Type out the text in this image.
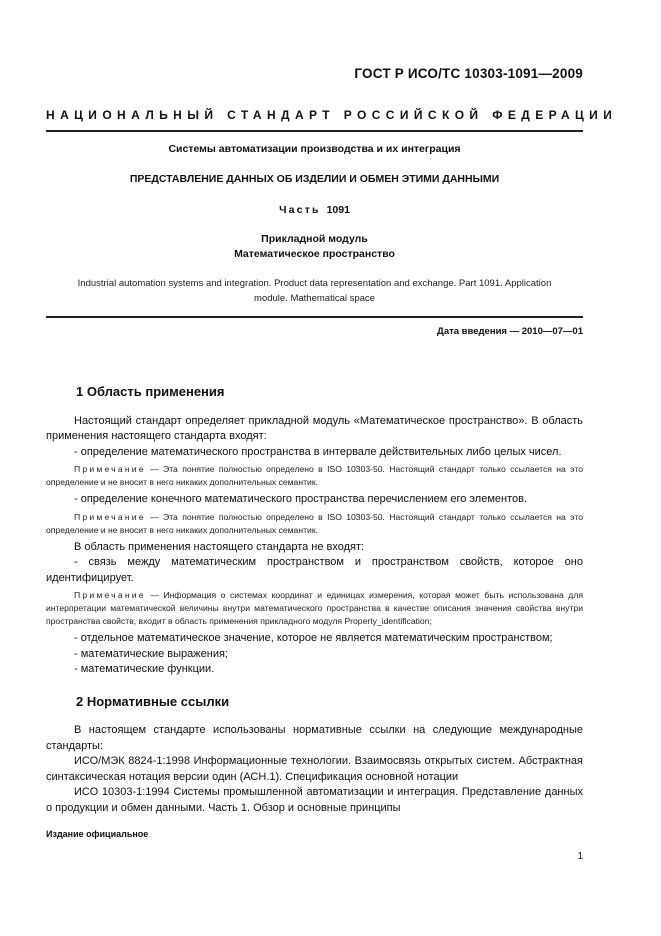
ГОСТ Р ИСО/ТС 10303-1091—2009
НАЦИОНАЛЬНЫЙ СТАНДАРТ РОССИЙСКОЙ ФЕДЕРАЦИИ
Системы автоматизации производства и их интеграция
ПРЕДСТАВЛЕНИЕ ДАННЫХ ОБ ИЗДЕЛИИ И ОБМЕН ЭТИМИ ДАННЫМИ
Часть 1091
Прикладной модуль
Математическое пространство
Industrial automation systems and integration. Product data representation and exchange. Part 1091. Application
module. Mathematical space
Дата введения — 2010—07—01
1 Область применения

Настоящий стандарт определяет прикладной модуль «Математическое пространство». В область применения настоящего стандарта входят:

- определение математического пространства в интервале действительных либо целых чисел.

Примечание — Эта понятие полностью определено в ISO 10303-50. Настоящий стандарт только ссылается на это определение и не вносит в него никаких дополнительных семантик.

- определение конечного математического пространства перечислением его элементов.

Примечание — Эта понятие полностью определено в ISO 10303-50. Настоящий стандарт только ссылается на это определение и не вносит в него никаких дополнительных семантик.

В область применения настоящего стандарта не входят:

- связь между математическим пространством и пространством свойств, которое оно идентифицирует.

Примечание — Информация о системах координат и единицах измерения, которая может быть использована для интерпретации математической величины внутри математического пространства в качестве описания значения свойства внутри пространства свойств, входит в область применения прикладного модуля Property_identification;

- отдельное математическое значение, которое не является математическим пространством;

- математические выражения;

- математические функции.

2 Нормативные ссылки

В настоящем стандарте использованы нормативные ссылки на следующие международные стандарты:

ИСО/МЭК 8824-1:1998 Информационные технологии. Взаимосвязь открытых систем. Абстрактная синтаксическая нотация версии один (АСН.1). Спецификация основной нотации

ИСО 10303-1:1994 Системы промышленной автоматизации и интеграция. Представление данных о продукции и обмен данными. Часть 1. Обзор и основные принципы

Издание официальное
1
